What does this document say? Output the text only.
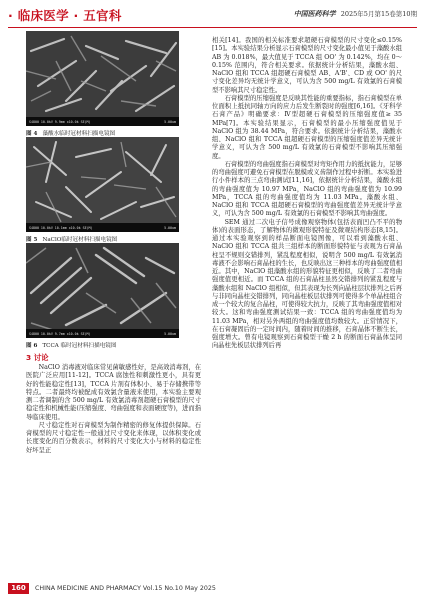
· 临床医学 · 五官科	中国医药科学 2025年5月第15卷第10期
S4800 10.0kV 9.9mm x10.0k SE(M)	5.00um
图 4 藻酸水临时冠材料扫描电镜图
S4800 10.0kV 10.1mm x10.0k SE(M)	5.00um
图 5 NaClO临时冠材料扫描电镜图
S4800 10.0kV 9.7mm x10.0k SE(M)	5.00um
图 6 TCCA 临时冠材料扫描电镜图
3 讨论

NaClO 消毒液对临床常见菌敏感性好，是高效消毒剂，在医院广泛应用[11-12]。TCCA 腐蚀性和刺激性更小，具有更好的性能稳定性[13]，TCCA 片剂有体积小、易于存储携带等特点。二者最终均被配成有效氯含量液来使用，本实验主要观测二者调制的含 500 mg/L 有效氯消毒剂超硬石膏模型的尺寸稳定性和机械性能(压缩强度、弯曲强度和表面硬度等)，进而指导临床使用。

尺寸稳定性对石膏模型为制作精密的修复体提供保障。石膏模型的尺寸稳定性一般通过尺寸变化来体现，以体积变化或长度变化的百分数表示，材料的尺寸变化大小与材料的稳定性好坏呈正

相关[14]。我国的相关标准要求超硬石膏模型的尺寸变化≤0.15%[15]。本实验结果分析显示石膏模型的尺寸变化最小值见于藻酸水组 AB 为 0.018%，最大值见于 TCCA 组 OO' 为 0.142%，均在 0～0.15% 范围内，符合相关要求。依据统计分析结果，藻酸水组、NaClO 组和 TCCA 组超硬石膏模型 AB、A'B'、CD 或 OO' 的尺寸变化差异均无统计学意义，可认为含 500 mg/L 有效氯的石膏模型不影响其尺寸稳定性。

石膏模型的压缩强度是反映其性能的重要指标，指石膏模型在单位面积上抵抗同轴方向的应力后发生断裂时的强度[6,16]。《牙科学 石膏产品》明确要求：Ⅳ型超硬石膏模型的压缩强度值≥ 35 MPa[7]。本实验结果显示，石膏模型的最小压缩强度值见于 NaClO 组为 38.44 MPa，符合要求。依据统计分析结果，藻酸水组、NaClO 组和 TCCA 组超硬石膏模型的压缩强度值差异无统计学意义，可认为含 500 mg/L 有效氯的石膏模型不影响其压缩强度。

石膏模型的弯曲强度指石膏模型对弯矩作用力的抵抗能力，足够的弯曲强度可避免石膏模型在脱模或义齿制作过程中折断。本实验进行小件样本的三点弯曲测试[11,16]，依据统计分析结果，藻酸水组的弯曲强度值为 10.97 MPa，NaClO 组的弯曲强度值为 10.99 MPa，TCCA 组的弯曲强度值均为 11.03 MPa。藻酸水组、NaClO 组和 TCCA 组超硬石膏模型的弯曲强度值差异无统计学意义，可认为含 500 mg/L 有效氯的石膏模型不影响其弯曲强度。

SEM 通过二次电子信号成像观察物体(包括表面凹凸不平的物体)的表面形态，了解物体的微观形貌特征及微观结构形态[8,15]。通过本实验观察到的样品断面电镜图像，可以看到藻酸水组、NaClO 组和 TCCA 组共三组样本的断面形貌特征与表观为石膏晶柱呈不规则交错排列，紧乱程度相似，说明含 500 mg/L 有效氯消毒液不会影响石膏晶柱的生长，也反映出这三种样本的弯曲强度值相近。其中，NaClO 组藻酸水组的形貌特征更相似，反映了二者弯曲强度值更相近。而 TCCA 组的石膏晶柱虽然交错排列的紧乱程度与藻酸水组和 NaClO 组相似，但其表现为长列向晶柱层状排列之后再与非同向晶柱交错排列，同向晶柱板层状排列可使得多个单晶柱组合成一个较大的复合晶柱，可使得较大抗力，反映了其弯曲强度值相对较大。这和弯曲强度测试结果一致：TCCA 组的弯曲强度值均为 11.03 MPa，相对另外两组的弯曲强度值均数较大。正常情况下，在石膏凝固后的一定时间内，随着时间的推移，石膏晶体不断生长，强度增大。曾有电镜观察到石膏模型干燥 2 h 的断面石膏晶体呈同向晶柱先板层状排列后再

160	CHINA MEDICINE AND PHARMACY Vol.15 No.10 May 2025
